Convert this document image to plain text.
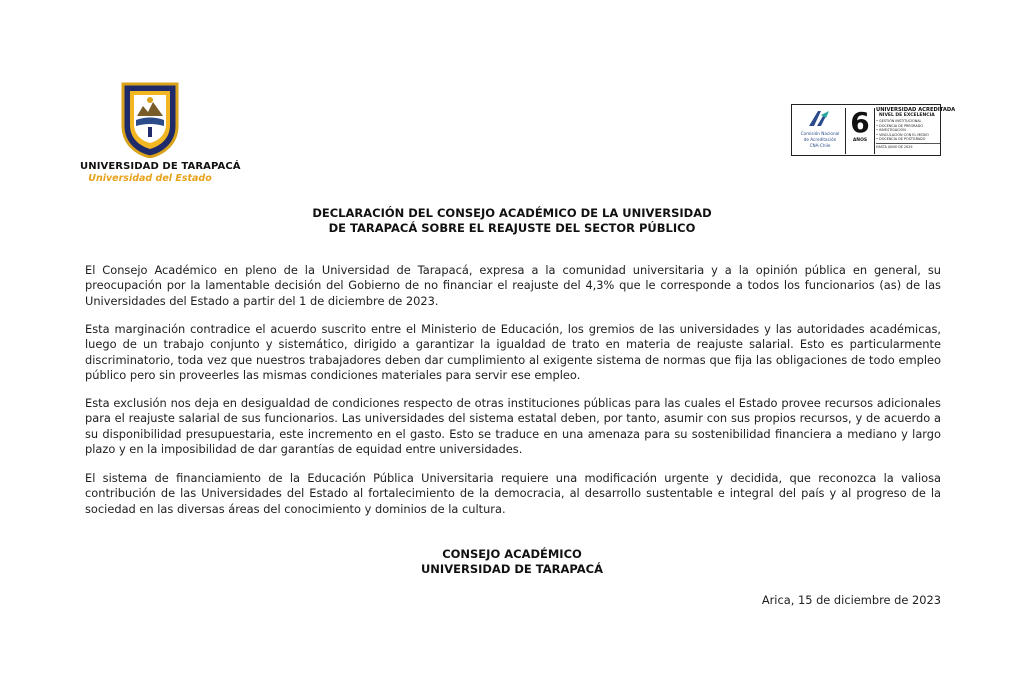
UNIVERSIDAD DE TARAPACÁ
Universidad del Estado
Comisión Nacional
de Acreditación
CNA-Chile
6
AÑOS
UNIVERSIDAD ACREDITADA
NIVEL DE EXCELENCIA
• GESTIÓN INSTITUCIONAL
• DOCENCIA DE PREGRADO
• INVESTIGACIÓN
• VINCULACIÓN CON EL MEDIO
• DOCENCIA DE POSTGRADO
HASTA JUNIO DE 2029
DECLARACIÓN DEL CONSEJO ACADÉMICO DE LA UNIVERSIDAD
DE TARAPACÁ SOBRE EL REAJUSTE DEL SECTOR PÚBLICO
El Consejo Académico en pleno de la Universidad de Tarapacá, expresa a la comunidad universitaria y a la opinión pública en general, su preocupación por la lamentable decisión del Gobierno de no financiar el reajuste del 4,3% que le corresponde a todos los funcionarios (as) de las Universidades del Estado a partir del 1 de diciembre de 2023.
Esta marginación contradice el acuerdo suscrito entre el Ministerio de Educación, los gremios de las universidades y las autoridades académicas, luego de un trabajo conjunto y sistemático, dirigido a garantizar la igualdad de trato en materia de reajuste salarial. Esto es particularmente discriminatorio, toda vez que nuestros trabajadores deben dar cumplimiento al exigente sistema de normas que fija las obligaciones de todo empleo público pero sin proveerles las mismas condiciones materiales para servir ese empleo.
Esta exclusión nos deja en desigualdad de condiciones respecto de otras instituciones públicas para las cuales el Estado provee recursos adicionales para el reajuste salarial de sus funcionarios. Las universidades del sistema estatal deben, por tanto, asumir con sus propios recursos, y de acuerdo a su disponibilidad presupuestaria, este incremento en el gasto. Esto se traduce en una amenaza para su sostenibilidad financiera a mediano y largo plazo y en la imposibilidad de dar garantías de equidad entre universidades.
El sistema de financiamiento de la Educación Pública Universitaria requiere una modificación urgente y decidida, que reconozca la valiosa contribución de las Universidades del Estado al fortalecimiento de la democracia, al desarrollo sustentable e integral del país y al progreso de la sociedad en las diversas áreas del conocimiento y dominios de la cultura.
CONSEJO ACADÉMICO
UNIVERSIDAD DE TARAPACÁ
Arica, 15 de diciembre de 2023
